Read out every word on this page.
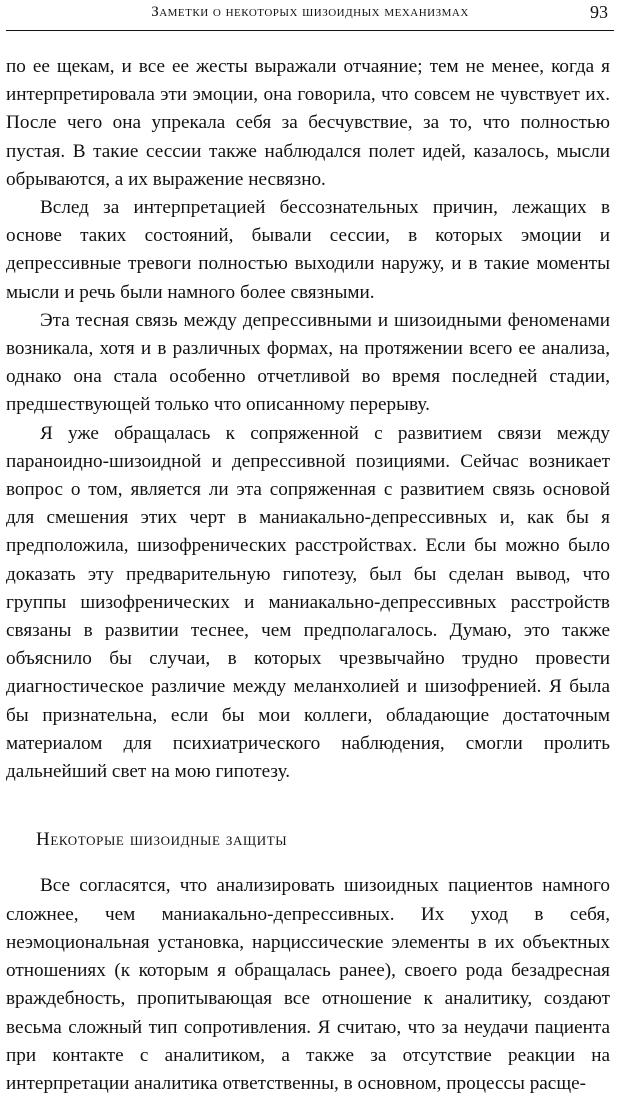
Заметки о некоторых шизоидных механизмах	93

по ее щекам, и все ее жесты выражали отчаяние; тем не менее, когда я интерпретировала эти эмоции, она говорила, что совсем не чувствует их. После чего она упрекала себя за бесчувствие, за то, что полностью пустая. В такие сессии также наблюдался полет идей, казалось, мысли обрываются, а их выражение несвязно.

Вслед за интерпретацией бессознательных причин, лежащих в основе таких состояний, бывали сессии, в которых эмоции и депрессивные тревоги полностью выходили наружу, и в такие моменты мысли и речь были намного более связными.

Эта тесная связь между депрессивными и шизоидными феноменами возникала, хотя и в различных формах, на протяжении всего ее анализа, однако она стала особенно отчетливой во время последней стадии, предшествующей только что описанному перерыву.

Я уже обращалась к сопряженной с развитием связи между параноидно-шизоидной и депрессивной позициями. Сейчас возникает вопрос о том, является ли эта сопряженная с развитием связь основой для смешения этих черт в маниакально-депрессивных и, как бы я предположила, шизофренических расстройствах. Если бы можно было доказать эту предварительную гипотезу, был бы сделан вывод, что группы шизофренических и маниакально-депрессивных расстройств связаны в развитии теснее, чем предполагалось. Думаю, это также объяснило бы случаи, в которых чрезвычайно трудно провести диагностическое различие между меланхолией и шизофренией. Я была бы признательна, если бы мои коллеги, обладающие достаточным материалом для психиатрического наблюдения, смогли пролить дальнейший свет на мою гипотезу.

Некоторые шизоидные защиты

Все согласятся, что анализировать шизоидных пациентов намного сложнее, чем маниакально-депрессивных. Их уход в себя, неэмоциональная установка, нарциссические элементы в их объектных отношениях (к которым я обращалась ранее), своего рода безадресная враждебность, пропитывающая все отношение к аналитику, создают весьма сложный тип сопротивления. Я считаю, что за неудачи пациента при контакте с аналитиком, а также за отсутствие реакции на интерпретации аналитика ответственны, в основном, процессы расще-
